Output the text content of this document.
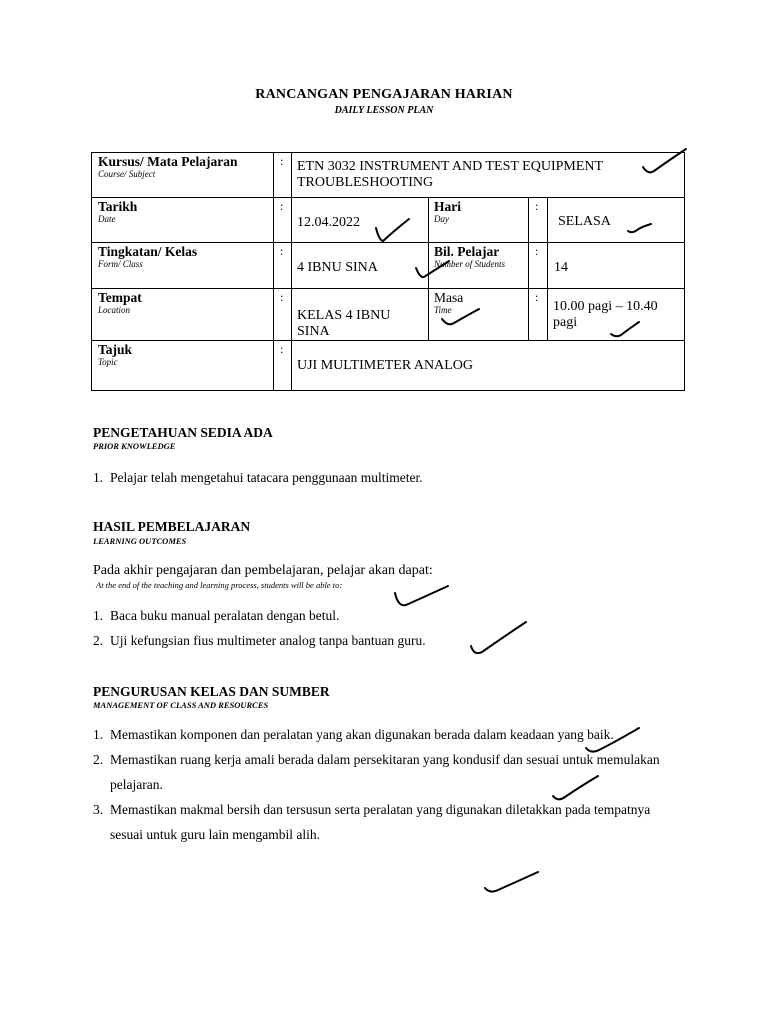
RANCANGAN PENGAJARAN HARIAN
DAILY LESSON PLAN
Kursus/ Mata Pelajaran
Course/ Subject
: ETN 3032 INSTRUMENT AND TEST EQUIPMENT TROUBLESHOOTING
Tarikh
Date
:
12.04.2022
Hari
Day
:
SELASA
Tingkatan/ Kelas
Form/ Class
:
4 IBNU SINA
Bil. Pelajar
Number of Students
:
14
Tempat
Location
:
KELAS 4 IBNU SINA
Masa
Time
:
10.00 pagi – 10.40 pagi
Tajuk
Topic
:
UJI MULTIMETER ANALOG
PENGETAHUAN SEDIA ADA
PRIOR KNOWLEDGE
1. Pelajar telah mengetahui tatacara penggunaan multimeter.
HASIL PEMBELAJARAN
LEARNING OUTCOMES
Pada akhir pengajaran dan pembelajaran, pelajar akan dapat:
At the end of the teaching and learning process, students will be able to:
1. Baca buku manual peralatan dengan betul.
2. Uji kefungsian fius multimeter analog tanpa bantuan guru.
PENGURUSAN KELAS DAN SUMBER
MANAGEMENT OF CLASS AND RESOURCES
1. Memastikan komponen dan peralatan yang akan digunakan berada dalam keadaan yang baik.
2. Memastikan ruang kerja amali berada dalam persekitaran yang kondusif dan sesuai untuk memulakan pelajaran.
3. Memastikan makmal bersih dan tersusun serta peralatan yang digunakan diletakkan pada tempatnya sesuai untuk guru lain mengambil alih.
